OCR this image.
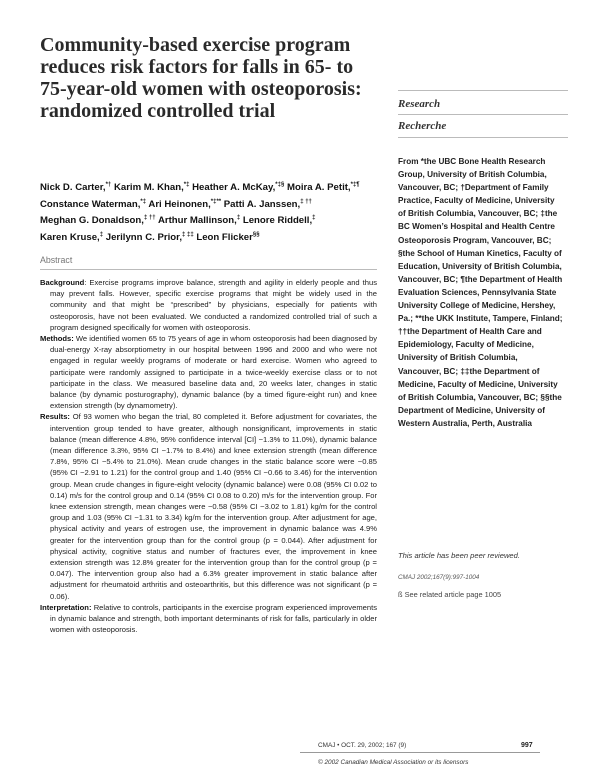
Community-based exercise program reduces risk factors for falls in 65- to 75-year-old women with osteoporosis: randomized controlled trial
Nick D. Carter,*† Karim M. Khan,*‡ Heather A. McKay,*‡§ Moira A. Petit,*‡¶ Constance Waterman,*‡ Ari Heinonen,*‡** Patti A. Janssen,‡ †† Meghan G. Donaldson,‡ †† Arthur Mallinson,‡ Lenore Riddell,‡ Karen Kruse,‡ Jerilynn C. Prior,‡ ‡‡ Leon Flicker§§
Abstract

Background: Exercise programs improve balance, strength and agility in elderly people and thus may prevent falls. However, specific exercise programs that might be widely used in the community and that might be “prescribed” by physicians, especially for patients with osteoporosis, have not been evaluated. We conducted a randomized controlled trial of such a program designed specifically for women with osteoporosis.

Methods: We identified women 65 to 75 years of age in whom osteoporosis had been diagnosed by dual-energy X-ray absorptiometry in our hospital between 1996 and 2000 and who were not engaged in regular weekly programs of moderate or hard exercise. Women who agreed to participate were randomly assigned to participate in a twice-weekly exercise class or to not participate in the class. We measured baseline data and, 20 weeks later, changes in static balance (by dynamic posturography), dynamic balance (by a timed figure-eight run) and knee extension strength (by dynamometry).

Results: Of 93 women who began the trial, 80 completed it. Before adjustment for covariates, the intervention group tended to have greater, although nonsignificant, improvements in static balance (mean difference 4.8%, 95% confidence interval [CI] −1.3% to 11.0%), dynamic balance (mean difference 3.3%, 95% CI −1.7% to 8.4%) and knee extension strength (mean difference 7.8%, 95% CI −5.4% to 21.0%). Mean crude changes in the static balance score were −0.85 (95% CI −2.91 to 1.21) for the control group and 1.40 (95% CI −0.66 to 3.46) for the intervention group. Mean crude changes in figure-eight velocity (dynamic balance) were 0.08 (95% CI 0.02 to 0.14) m/s for the control group and 0.14 (95% CI 0.08 to 0.20) m/s for the intervention group. For knee extension strength, mean changes were −0.58 (95% CI −3.02 to 1.81) kg/m for the control group and 1.03 (95% CI −1.31 to 3.34) kg/m for the intervention group. After adjustment for age, physical activity and years of estrogen use, the improvement in dynamic balance was 4.9% greater for the intervention group than for the control group (p = 0.044). After adjustment for physical activity, cognitive status and number of fractures ever, the improvement in knee extension strength was 12.8% greater for the intervention group than for the control group (p = 0.047). The intervention group also had a 6.3% greater improvement in static balance after adjustment for rheumatoid arthritis and osteoarthritis, but this difference was not significant (p = 0.06).

Interpretation: Relative to controls, participants in the exercise program experienced improvements in dynamic balance and strength, both important determinants of risk for falls, particularly in older women with osteoporosis.

Research
Recherche
From *the UBC Bone Health Research Group, University of British Columbia, Vancouver, BC; †Department of Family Practice, Faculty of Medicine, University of British Columbia, Vancouver, BC; ‡the BC Women’s Hospital and Health Centre Osteoporosis Program, Vancouver, BC; §the School of Human Kinetics, Faculty of Education, University of British Columbia, Vancouver, BC; ¶the Department of Health Evaluation Sciences, Pennsylvania State University College of Medicine, Hershey, Pa.; **the UKK Institute, Tampere, Finland; ††the Department of Health Care and Epidemiology, Faculty of Medicine, University of British Columbia, Vancouver, BC; ‡‡the Department of Medicine, Faculty of Medicine, University of British Columbia, Vancouver, BC; §§the Department of Medicine, University of Western Australia, Perth, Australia
This article has been peer reviewed.
CMAJ 2002;167(9):997-1004
ß See related article page 1005
CMAJ • OCT. 29, 2002; 167 (9)	997
© 2002 Canadian Medical Association or its licensors
